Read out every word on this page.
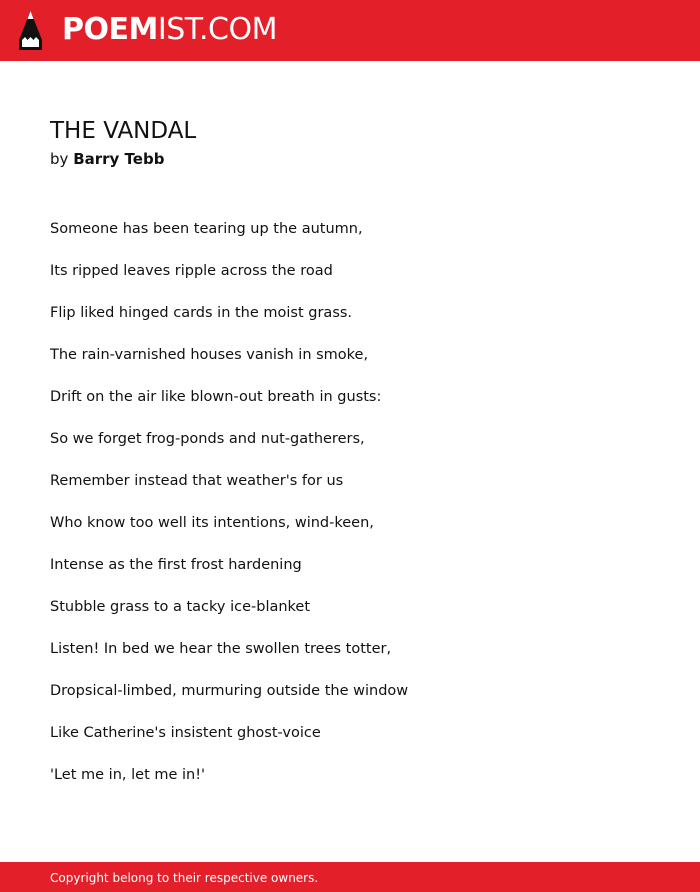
POEMIST.COM
THE VANDAL
by Barry Tebb
Someone has been tearing up the autumn,
Its ripped leaves ripple across the road
Flip liked hinged cards in the moist grass.
The rain-varnished houses vanish in smoke,
Drift on the air like blown-out breath in gusts:
So we forget frog-ponds and nut-gatherers,
Remember instead that weather's for us
Who know too well its intentions, wind-keen,
Intense as the first frost hardening
Stubble grass to a tacky ice-blanket
Listen! In bed we hear the swollen trees totter,
Dropsical-limbed, murmuring outside the window
Like Catherine's insistent ghost-voice
'Let me in, let me in!'
Copyright belong to their respective owners.
